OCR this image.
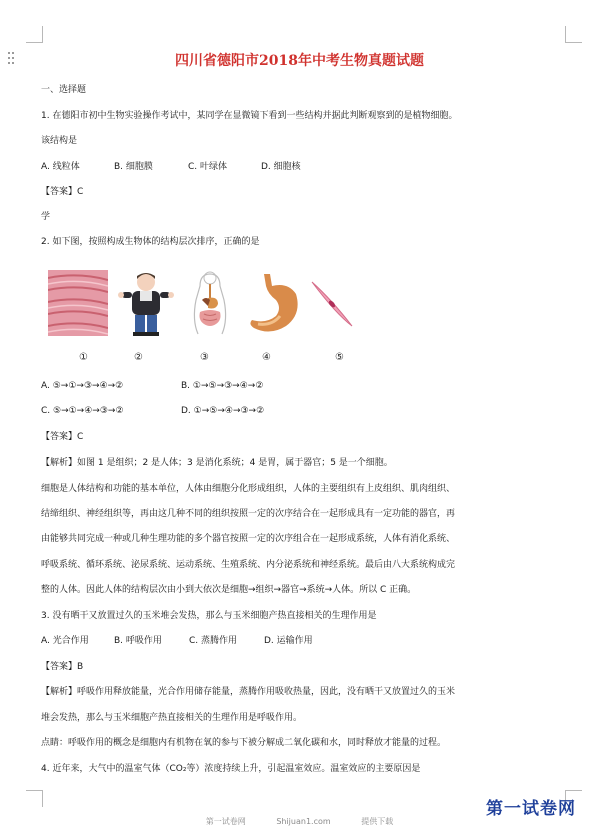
四川省德阳市2018年中考生物真题试题
一、选择题
1. 在德阳市初中生物实验操作考试中，某同学在显微镜下看到一些结构并据此判断观察到的是植物细胞。
该结构是
A. 线粒体	B. 细胞膜	C. 叶绿体	D. 细胞核
【答案】C
学
2. 如下图，按照构成生物体的结构层次排序，正确的是
①	②	③	④	⑤
A. ⑤→①→③→④→②	B. ①→⑤→③→④→②
C. ⑤→①→④→③→②	D. ①→⑤→④→③→②
【答案】C
【解析】如图 1 是组织；2 是人体；3 是消化系统；4 是胃，属于器官；5 是一个细胞。
细胞是人体结构和功能的基本单位，人体由细胞分化形成组织，人体的主要组织有上皮组织、肌肉组织、
结缔组织、神经组织等，再由这几种不同的组织按照一定的次序结合在一起形成具有一定功能的器官，再
由能够共同完成一种或几种生理功能的多个器官按照一定的次序组合在一起形成系统，人体有消化系统、
呼吸系统、循环系统、泌尿系统、运动系统、生殖系统、内分泌系统和神经系统。最后由八大系统构成完
整的人体。因此人体的结构层次由小到大依次是细胞→组织→器官→系统→人体。所以 C 正确。
3. 没有晒干又放置过久的玉米堆会发热，那么与玉米细胞产热直接相关的生理作用是
A. 光合作用	B. 呼吸作用	C. 蒸腾作用	D. 运输作用
【答案】B
【解析】呼吸作用释放能量，光合作用储存能量，蒸腾作用吸收热量，因此，没有晒干又放置过久的玉米
堆会发热，那么与玉米细胞产热直接相关的生理作用是呼吸作用。
点睛：呼吸作用的概念是细胞内有机物在氧的参与下被分解成二氧化碳和水，同时释放才能量的过程。
4. 近年来，大气中的温室气体（CO₂等）浓度持续上升，引起温室效应。温室效应的主要原因是
第一试卷网
第一试卷网	Shijuan1.com	提供下载
